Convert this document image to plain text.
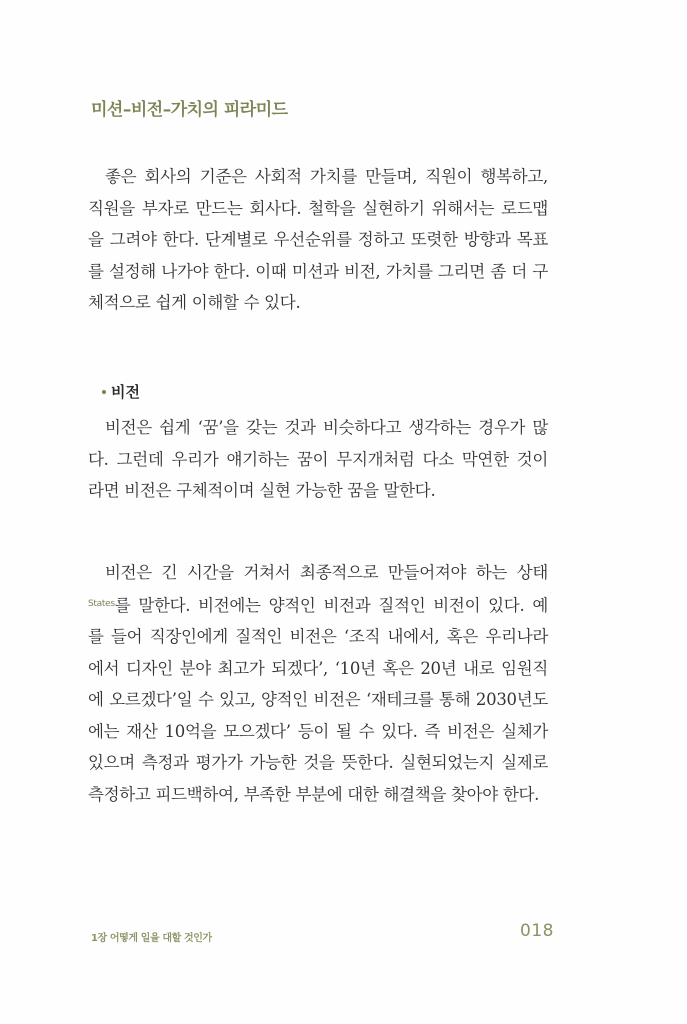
미션–비전–가치의 피라미드

좋은 회사의 기준은 사회적 가치를 만들며, 직원이 행복하고,
직원을 부자로 만드는 회사다. 철학을 실현하기 위해서는 로드맵
을 그려야 한다. 단계별로 우선순위를 정하고 또렷한 방향과 목표
를 설정해 나가야 한다. 이때 미션과 비전, 가치를 그리면 좀 더 구
체적으로 쉽게 이해할 수 있다.

비전

비전은 쉽게 ‘꿈’을 갖는 것과 비슷하다고 생각하는 경우가 많
다. 그런데 우리가 얘기하는 꿈이 무지개처럼 다소 막연한 것이
라면 비전은 구체적이며 실현 가능한 꿈을 말한다.

비전은 긴 시간을 거쳐서 최종적으로 만들어져야 하는 상태
$^{States}$를 말한다. 비전에는 양적인 비전과 질적인 비전이 있다. 예
를 들어 직장인에게 질적인 비전은 ‘조직 내에서, 혹은 우리나라
에서 디자인 분야 최고가 되겠다’, ‘10년 혹은 20년 내로 임원직
에 오르겠다’일 수 있고, 양적인 비전은 ‘재테크를 통해 2030년도
에는 재산 10억을 모으겠다’ 등이 될 수 있다. 즉 비전은 실체가
있으며 측정과 평가가 가능한 것을 뜻한다. 실현되었는지 실제로
측정하고 피드백하여, 부족한 부분에 대한 해결책을 찾아야 한다.

1장 어떻게 일을 대할 것인가	018
